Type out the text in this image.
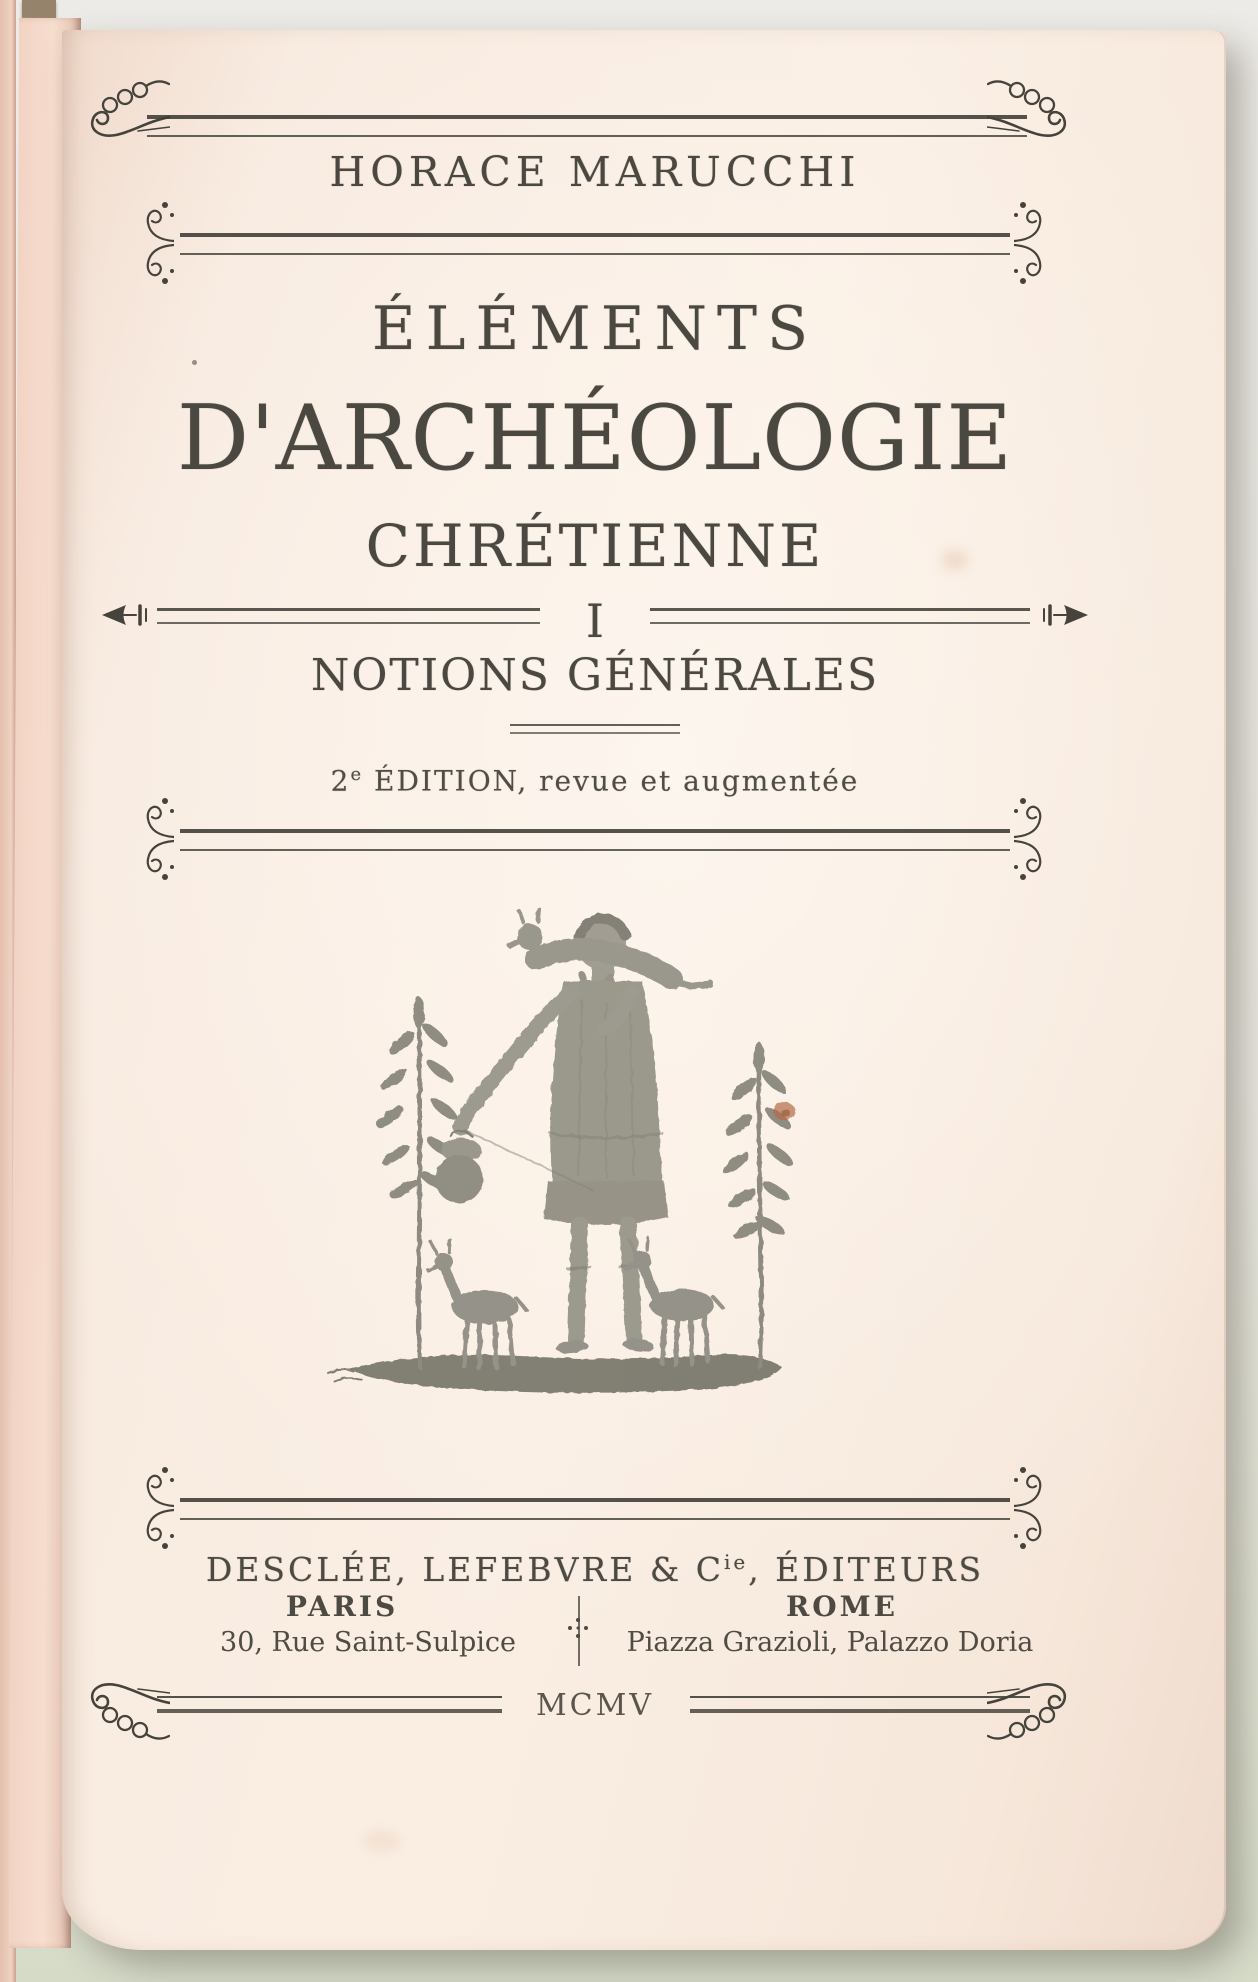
HORACE MARUCCHI
ÉLÉMENTS
D'ARCHÉOLOGIE
CHRÉTIENNE
I
NOTIONS GÉNÉRALES
2e ÉDITION, revue et augmentée
DESCLÉE, LEFEBVRE & $C^{ie}$, ÉDITEURS
PARIS	ROME
30, Rue Saint-Sulpice	Piazza Grazioli, Palazzo Doria
MCMV
